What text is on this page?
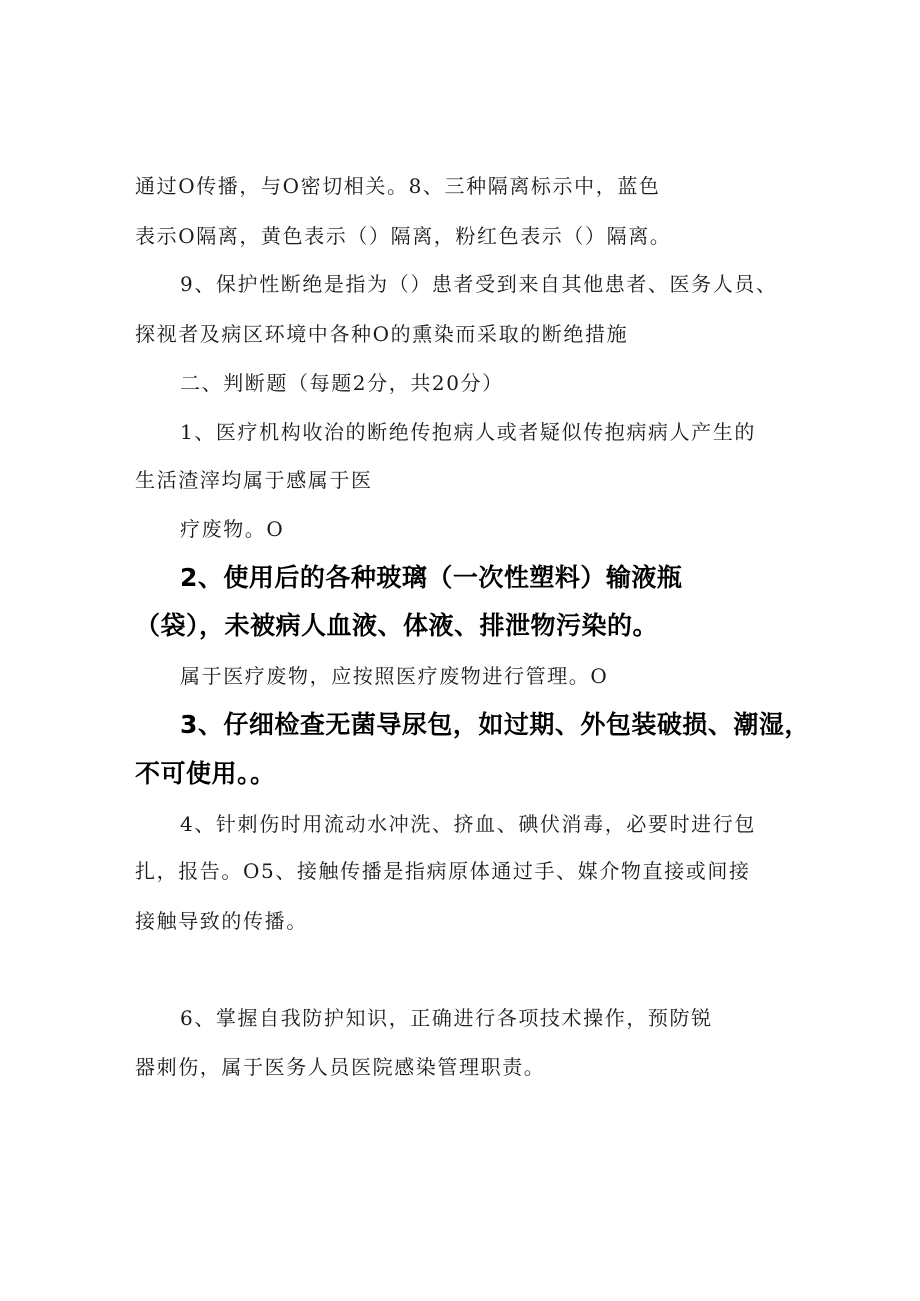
通过O传播，与O密切相关。8、三种隔离标示中，蓝色
表示O隔离，黄色表示（）隔离，粉红色表示（）隔离。
9、保护性断绝是指为（）患者受到来自其他患者、医务人员、
探视者及病区环境中各种O的熏染而采取的断绝措施
二、判断题（每题2分，共20分）
1、医疗机构收治的断绝传抱病人或者疑似传抱病病人产生的
生活渣滓均属于感属于医
疗废物。O
2、使用后的各种玻璃（一次性塑料）输液瓶
（袋），未被病人血液、体液、排泄物污染的。
属于医疗废物，应按照医疗废物进行管理。O
3、仔细检查无菌导尿包，如过期、外包装破损、潮湿，
不可使用。。
4、针刺伤时用流动水冲洗、挤血、碘伏消毒，必要时进行包
扎，报告。O5、接触传播是指病原体通过手、媒介物直接或间接
接触导致的传播。
6、掌握自我防护知识，正确进行各项技术操作，预防锐
器刺伤，属于医务人员医院感染管理职责。
